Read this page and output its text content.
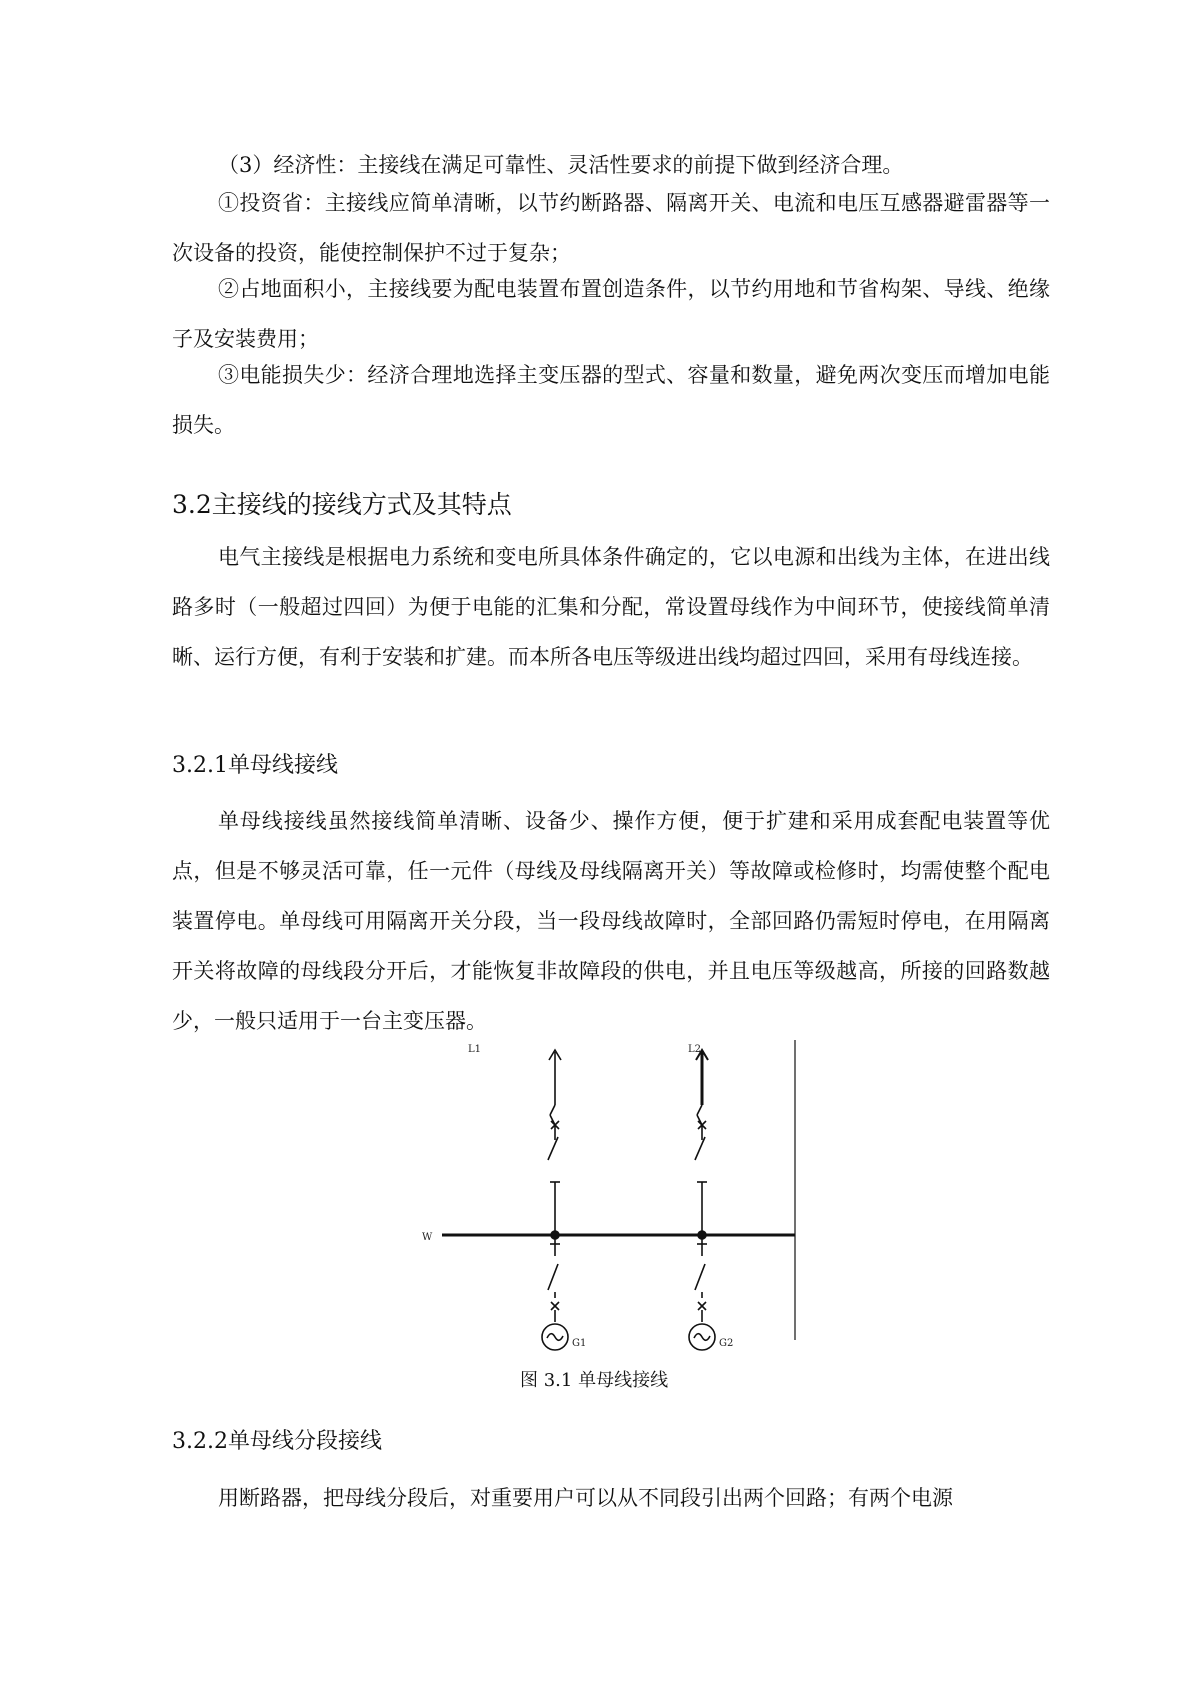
（3）经济性：主接线在满足可靠性、灵活性要求的前提下做到经济合理。

①投资省：主接线应简单清晰，以节约断路器、隔离开关、电流和电压互感器避雷器等一次设备的投资，能使控制保护不过于复杂；

②占地面积小，主接线要为配电装置布置创造条件，以节约用地和节省构架、导线、绝缘子及安装费用；

③电能损失少：经济合理地选择主变压器的型式、容量和数量，避免两次变压而增加电能损失。

3.2主接线的接线方式及其特点

电气主接线是根据电力系统和变电所具体条件确定的，它以电源和出线为主体，在进出线路多时（一般超过四回）为便于电能的汇集和分配，常设置母线作为中间环节，使接线简单清晰、运行方便，有利于安装和扩建。而本所各电压等级进出线均超过四回，采用有母线连接。

3.2.1单母线接线

单母线接线虽然接线简单清晰、设备少、操作方便，便于扩建和采用成套配电装置等优点，但是不够灵活可靠，任一元件（母线及母线隔离开关）等故障或检修时，均需使整个配电装置停电。单母线可用隔离开关分段，当一段母线故障时，全部回路仍需短时停电，在用隔离开关将故障的母线段分开后，才能恢复非故障段的供电，并且电压等级越高，所接的回路数越少，一般只适用于一台主变压器。

L1	L2
W
G1	G2

图 3.1 单母线接线

3.2.2单母线分段接线

用断路器，把母线分段后，对重要用户可以从不同段引出两个回路；有两个电源
